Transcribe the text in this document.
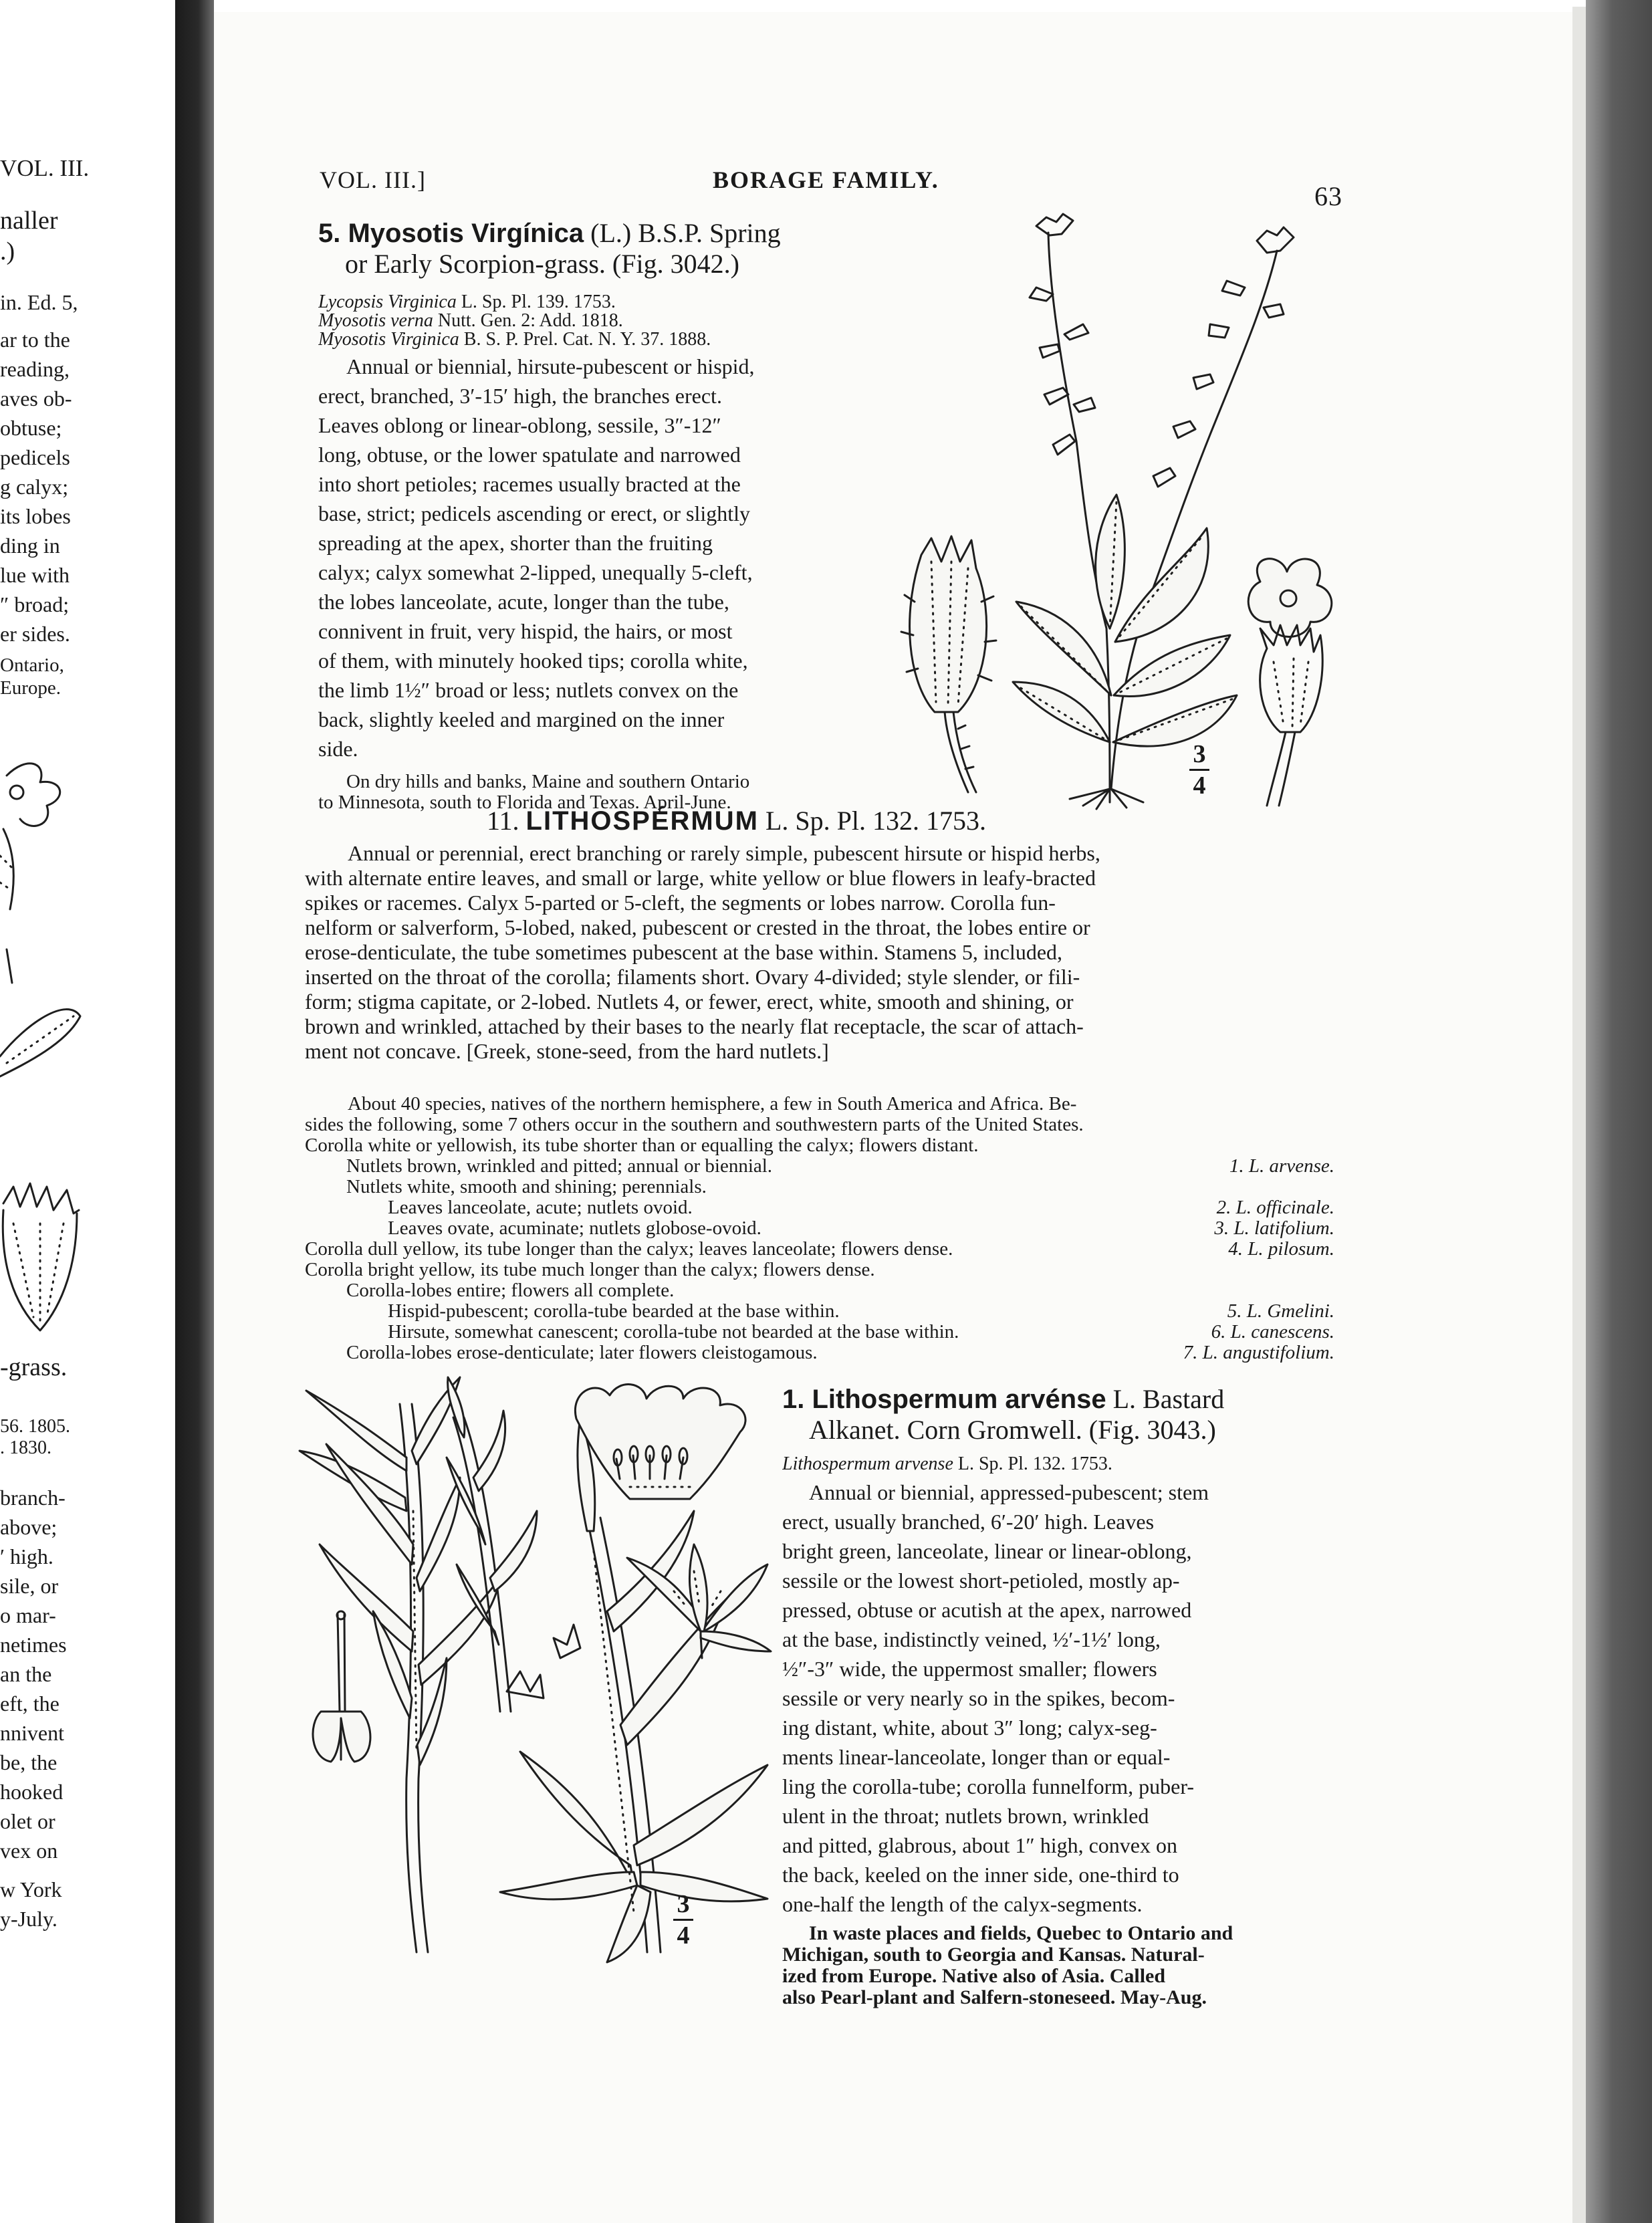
VOL. III.
naller
.)
in. Ed. 5,
ar to the
reading,
aves ob-
obtuse;
pedicels
g calyx;
its lobes
ding in
lue with
″ broad;
er sides.
Ontario,
Europe.
-grass.
56. 1805.
. 1830.
branch-
above;
′ high.
sile, or
o mar-
netimes
an the
eft, the
nnivent
be, the
hooked
olet or
vex on
w York
y-July.
VOL. III.]	BORAGE FAMILY.
63
5. Myosotis Virgínica (L.) B.S.P. Spring
or Early Scorpion-grass. (Fig. 3042.)
Lycopsis Virginica L. Sp. Pl. 139. 1753.
Myosotis verna Nutt. Gen. 2: Add. 1818.
Myosotis Virginica B. S. P. Prel. Cat. N. Y. 37. 1888.
Annual or biennial, hirsute-pubescent or hispid,
erect, branched, 3′-15′ high, the branches erect.
Leaves oblong or linear-oblong, sessile, 3″-12″
long, obtuse, or the lower spatulate and narrowed
into short petioles; racemes usually bracted at the
base, strict; pedicels ascending or erect, or slightly
spreading at the apex, shorter than the fruiting
calyx; calyx somewhat 2-lipped, unequally 5-cleft,
the lobes lanceolate, acute, longer than the tube,
connivent in fruit, very hispid, the hairs, or most
of them, with minutely hooked tips; corolla white,
the limb 1½″ broad or less; nutlets convex on the
back, slightly keeled and margined on the inner
side.
On dry hills and banks, Maine and southern Ontario
to Minnesota, south to Florida and Texas. April-June.
3
4
11. LITHOSPÉRMUM L. Sp. Pl. 132. 1753.
Annual or perennial, erect branching or rarely simple, pubescent hirsute or hispid herbs,
with alternate entire leaves, and small or large, white yellow or blue flowers in leafy-bracted
spikes or racemes. Calyx 5-parted or 5-cleft, the segments or lobes narrow. Corolla fun-
nelform or salverform, 5-lobed, naked, pubescent or crested in the throat, the lobes entire or
erose-denticulate, the tube sometimes pubescent at the base within. Stamens 5, included,
inserted on the throat of the corolla; filaments short. Ovary 4-divided; style slender, or fili-
form; stigma capitate, or 2-lobed. Nutlets 4, or fewer, erect, white, smooth and shining, or
brown and wrinkled, attached by their bases to the nearly flat receptacle, the scar of attach-
ment not concave. [Greek, stone-seed, from the hard nutlets.]
About 40 species, natives of the northern hemisphere, a few in South America and Africa. Be-
sides the following, some 7 others occur in the southern and southwestern parts of the United States.
Corolla white or yellowish, its tube shorter than or equalling the calyx; flowers distant.
Nutlets brown, wrinkled and pitted; annual or biennial.	1. L. arvense.
Nutlets white, smooth and shining; perennials.
Leaves lanceolate, acute; nutlets ovoid.	2. L. officinale.
Leaves ovate, acuminate; nutlets globose-ovoid.	3. L. latifolium.
Corolla dull yellow, its tube longer than the calyx; leaves lanceolate; flowers dense.	4. L. pilosum.
Corolla bright yellow, its tube much longer than the calyx; flowers dense.
Corolla-lobes entire; flowers all complete.
Hispid-pubescent; corolla-tube bearded at the base within.	5. L. Gmelini.
Hirsute, somewhat canescent; corolla-tube not bearded at the base within.	6. L. canescens.
Corolla-lobes erose-denticulate; later flowers cleistogamous.	7. L. angustifolium.
3
4
1. Lithospermum arvénse L. Bastard
Alkanet. Corn Gromwell. (Fig. 3043.)
Lithospermum arvense L. Sp. Pl. 132. 1753.
Annual or biennial, appressed-pubescent; stem
erect, usually branched, 6′-20′ high. Leaves
bright green, lanceolate, linear or linear-oblong,
sessile or the lowest short-petioled, mostly ap-
pressed, obtuse or acutish at the apex, narrowed
at the base, indistinctly veined, ½′-1½′ long,
½″-3″ wide, the uppermost smaller; flowers
sessile or very nearly so in the spikes, becom-
ing distant, white, about 3″ long; calyx-seg-
ments linear-lanceolate, longer than or equal-
ling the corolla-tube; corolla funnelform, puber-
ulent in the throat; nutlets brown, wrinkled
and pitted, glabrous, about 1″ high, convex on
the back, keeled on the inner side, one-third to
one-half the length of the calyx-segments.
In waste places and fields, Quebec to Ontario and
Michigan, south to Georgia and Kansas. Natural-
ized from Europe. Native also of Asia. Called
also Pearl-plant and Salfern-stoneseed. May-Aug.
